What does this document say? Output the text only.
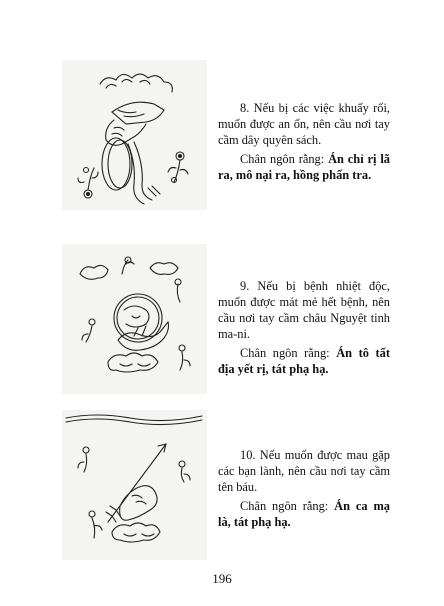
8. Nếu bị các việc khuấy rối, muốn được an ổn, nên cầu nơi tay cầm dây quyên sách.

Chân ngôn rằng: Án chỉ rị lã ra, mô nại ra, hồng phấn tra.

9. Nếu bị bệnh nhiệt độc, muốn được mát mẻ hết bệnh, nên cầu nơi tay cầm châu Nguyệt tinh ma-ni.

Chân ngôn rằng: Án tô tất địa yết rị, tát phạ hạ.

10. Nếu muốn được mau gặp các bạn lành, nên cầu nơi tay cầm tên báu.

Chân ngôn rằng: Án ca mạ là, tát phạ hạ.

196
